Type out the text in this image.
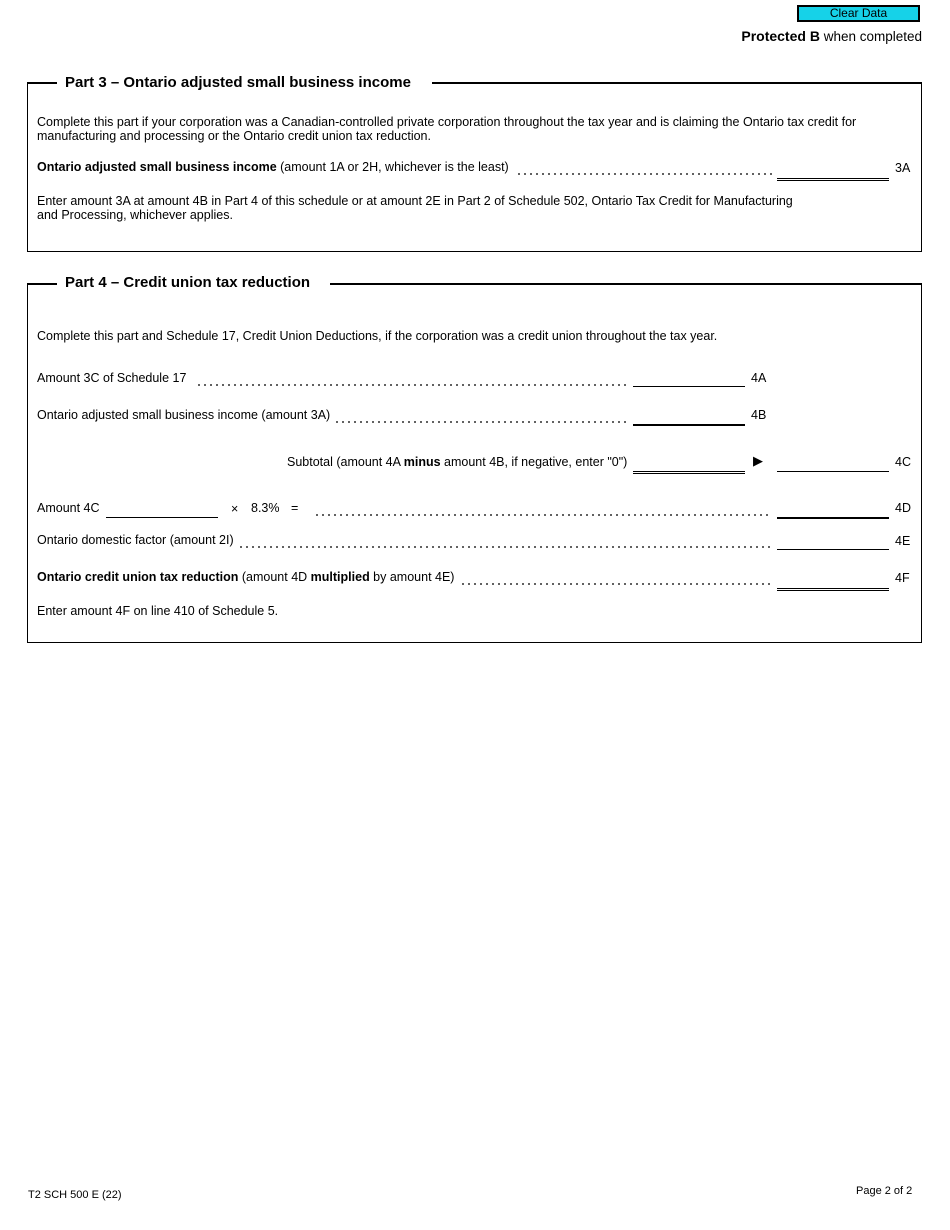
Clear Data
Protected B when completed
Part 3 – Ontario adjusted small business income
Complete this part if your corporation was a Canadian-controlled private corporation throughout the tax year and is claiming the Ontario tax credit for manufacturing and processing or the Ontario credit union tax reduction.
Ontario adjusted small business income (amount 1A or 2H, whichever is the least)	3A
Enter amount 3A at amount 4B in Part 4 of this schedule or at amount 2E in Part 2 of Schedule 502, Ontario Tax Credit for Manufacturing and Processing, whichever applies.
Part 4 – Credit union tax reduction
Complete this part and Schedule 17, Credit Union Deductions, if the corporation was a credit union throughout the tax year.
Amount 3C of Schedule 17	4A
Ontario adjusted small business income (amount 3A)	4B
Subtotal (amount 4A minus amount 4B, if negative, enter "0")	▶	4C
Amount 4C	× 8.3% =	4D
Ontario domestic factor (amount 2I)	4E
Ontario credit union tax reduction (amount 4D multiplied by amount 4E)	4F
Enter amount 4F on line 410 of Schedule 5.
T2 SCH 500 E (22)	Page 2 of 2
